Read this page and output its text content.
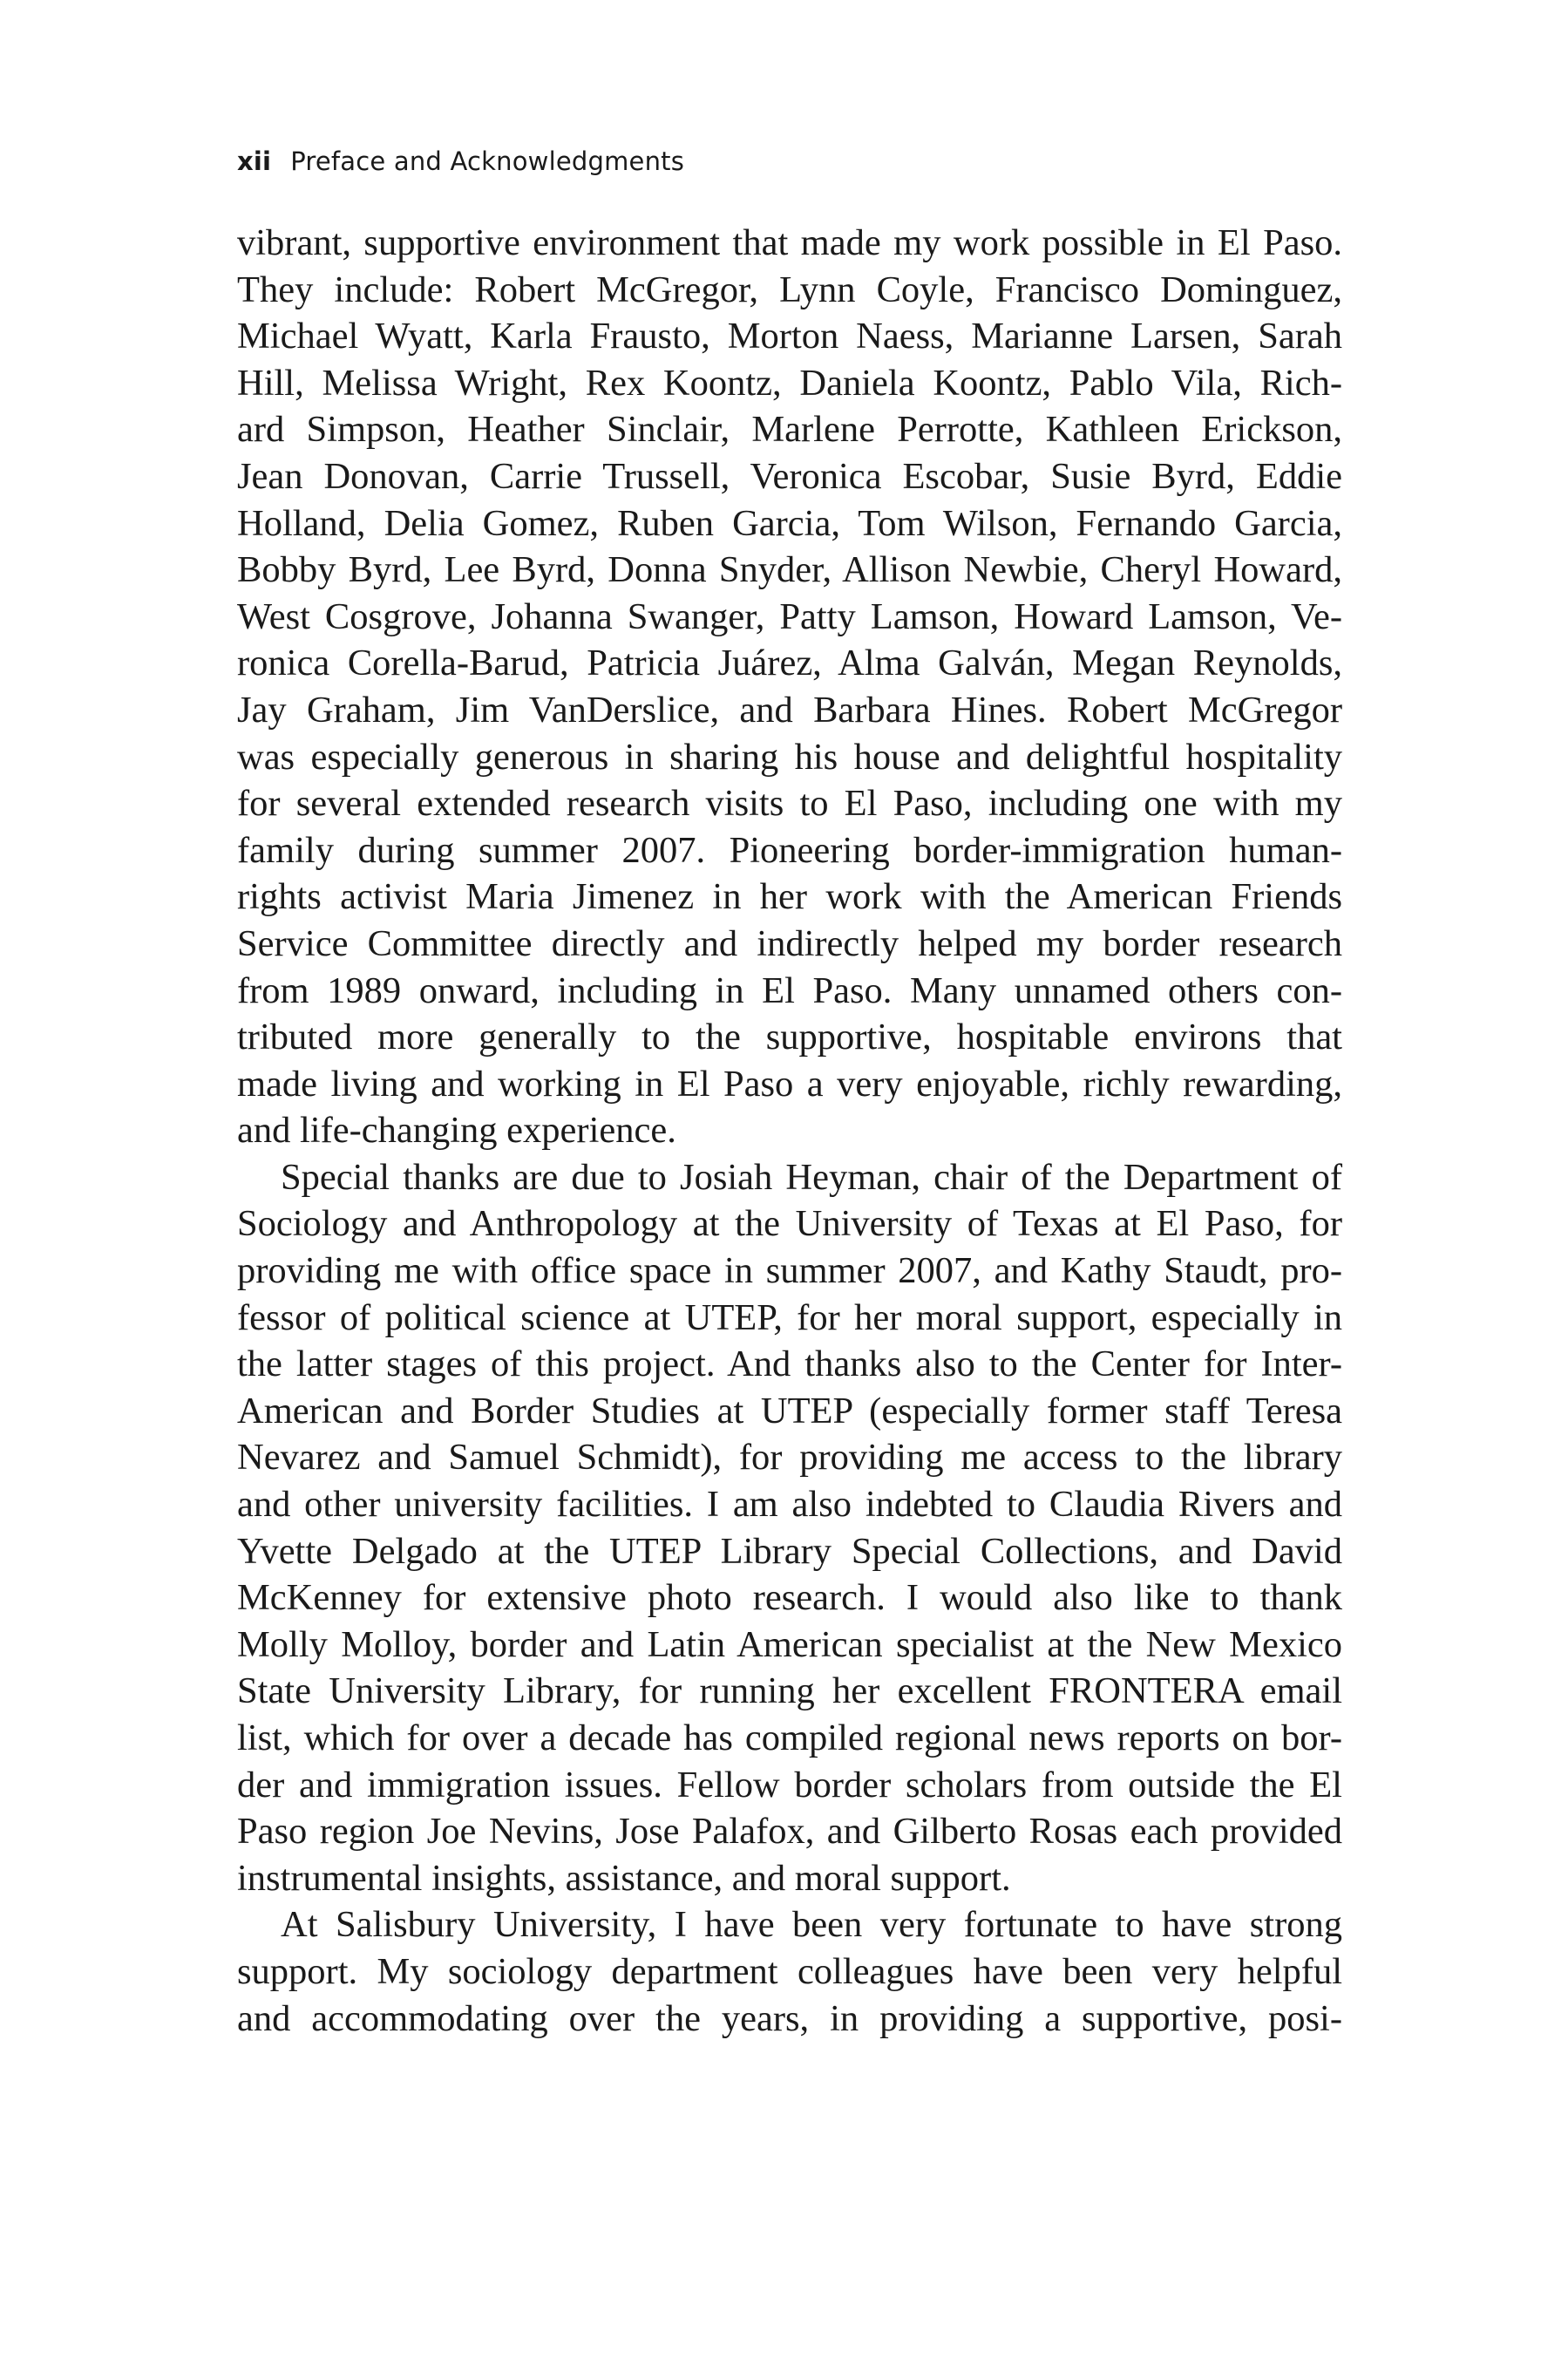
xii Preface and Acknowledgments

vibrant, supportive environment that made my work possible in El Paso.

They include: Robert McGregor, Lynn Coyle, Francisco Dominguez,

Michael Wyatt, Karla Frausto, Morton Naess, Marianne Larsen, Sarah

Hill, Melissa Wright, Rex Koontz, Daniela Koontz, Pablo Vila, Rich-

ard Simpson, Heather Sinclair, Marlene Perrotte, Kathleen Erickson,

Jean Donovan, Carrie Trussell, Veronica Escobar, Susie Byrd, Eddie

Holland, Delia Gomez, Ruben Garcia, Tom Wilson, Fernando Garcia,

Bobby Byrd, Lee Byrd, Donna Snyder, Allison Newbie, Cheryl Howard,

West Cosgrove, Johanna Swanger, Patty Lamson, Howard Lamson, Ve-

ronica Corella-Barud, Patricia Juárez, Alma Galván, Megan Reynolds,

Jay Graham, Jim VanDerslice, and Barbara Hines. Robert McGregor

was especially generous in sharing his house and delightful hospitality

for several extended research visits to El Paso, including one with my

family during summer 2007. Pioneering border-immigration human-

rights activist Maria Jimenez in her work with the American Friends

Service Committee directly and indirectly helped my border research

from 1989 onward, including in El Paso. Many unnamed others con-

tributed more generally to the supportive, hospitable environs that

made living and working in El Paso a very enjoyable, richly rewarding,

and life-changing experience.

Special thanks are due to Josiah Heyman, chair of the Department of

Sociology and Anthropology at the University of Texas at El Paso, for

providing me with office space in summer 2007, and Kathy Staudt, pro-

fessor of political science at UTEP, for her moral support, especially in

the latter stages of this project. And thanks also to the Center for Inter-

American and Border Studies at UTEP (especially former staff Teresa

Nevarez and Samuel Schmidt), for providing me access to the library

and other university facilities. I am also indebted to Claudia Rivers and

Yvette Delgado at the UTEP Library Special Collections, and David

McKenney for extensive photo research. I would also like to thank

Molly Molloy, border and Latin American specialist at the New Mexico

State University Library, for running her excellent FRONTERA email

list, which for over a decade has compiled regional news reports on bor-

der and immigration issues. Fellow border scholars from outside the El

Paso region Joe Nevins, Jose Palafox, and Gilberto Rosas each provided

instrumental insights, assistance, and moral support.

At Salisbury University, I have been very fortunate to have strong

support. My sociology department colleagues have been very helpful

and accommodating over the years, in providing a supportive, posi-
